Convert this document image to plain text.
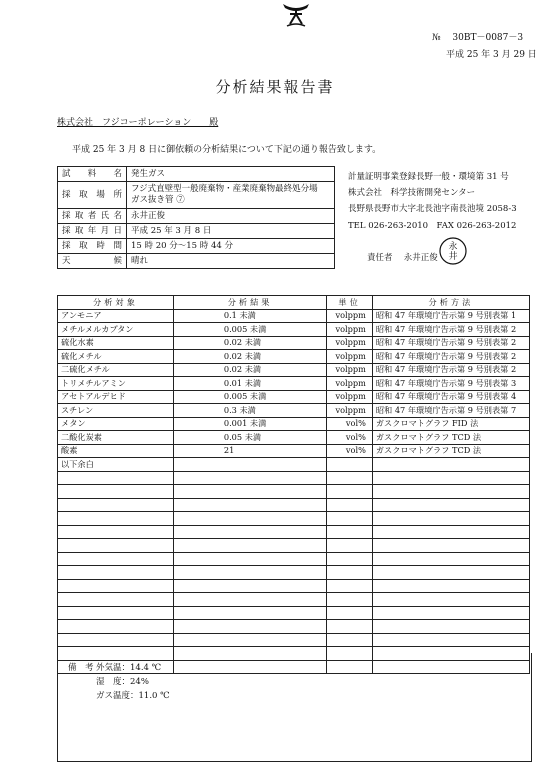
№　 30BT－0087－3
平成 25 年 3 月 29 日
分析結果報告書
株式会社　フジコーポレーション　　殿
平成 25 年 3 月 8 日に御依頼の分析結果について下記の通り報告致します。
試料名	発生ガス
採取場所	フジ式直壁型一般廃棄物・産業廃棄物最終処分場
ガス抜き管 ⑦

採取者氏名	永井正俊
採取年月日	平成 25 年 3 月 8 日
採取時間	15 時 20 分～15 時 44 分
天候	晴れ
計量証明事業登録長野一般・環境第 31 号
株式会社　科学技術開発センター
長野県長野市大字北長池字南長池境 2058-3
TEL 026-263-2010　FAX 026-263-2012
責任者　 永井正俊
永
井
分析対象	分析結果	単位	分析方法
アンモニア	0.1 未満	volppm	昭和 47 年環境庁告示第 9 号別表第 1
メチルメルカプタン	0.005 未満	volppm	昭和 47 年環境庁告示第 9 号別表第 2
硫化水素	0.02 未満	volppm	昭和 47 年環境庁告示第 9 号別表第 2
硫化メチル	0.02 未満	volppm	昭和 47 年環境庁告示第 9 号別表第 2
二硫化メチル	0.02 未満	volppm	昭和 47 年環境庁告示第 9 号別表第 2
トリメチルアミン	0.01 未満	volppm	昭和 47 年環境庁告示第 9 号別表第 3
アセトアルデヒド	0.005 未満	volppm	昭和 47 年環境庁告示第 9 号別表第 4
スチレン	0.3 未満	volppm	昭和 47 年環境庁告示第 9 号別表第 7
メタン	0.001 未満	vol%	ガスクロマトグラフ FID 法
二酸化炭素	0.05 未満	vol%	ガスクロマトグラフ TCD 法
酸素	21	vol%	ガスクロマトグラフ TCD 法
以下余白			

備　考 外気温：14.4 ℃
湿　度：24%
ガス温度：11.0 ℃
